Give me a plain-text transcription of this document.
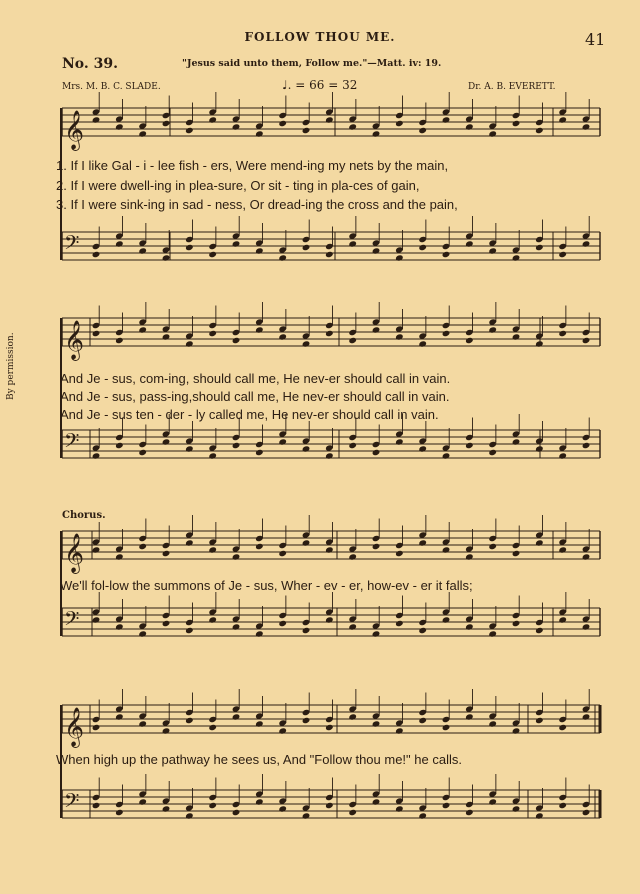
FOLLOW THOU ME.	41
No. 39.	"Jesus said unto them, Follow me."—Matt. iv: 19.
Mrs. M. B. C. SLADE.	♩. = 66 = 32	Dr. A. B. EVERETT.
𝄞
𝄢
𝄞
𝄢
𝄞
𝄢
𝄞
𝄢
1. If I like Gal - i - lee fish - ers, Were mend-ing my nets by the main,
2. If I were dwell-ing in plea-sure, Or sit - ting in pla-ces of gain,
3. If I were sink-ing in sad - ness, Or dread-ing the cross and the pain,
And Je - sus, com-ing, should call me, He nev-er should call in vain.
And Je - sus, pass-ing,should call me, He nev-er should call in vain.
And Je - sus ten - der - ly called me, He nev-er should call in vain.
By permission.
Chorus.
We'll fol-low the summons of Je - sus, Wher - ev - er, how-ev - er it falls;
When high up the pathway he sees us, And "Follow thou me!" he calls.
